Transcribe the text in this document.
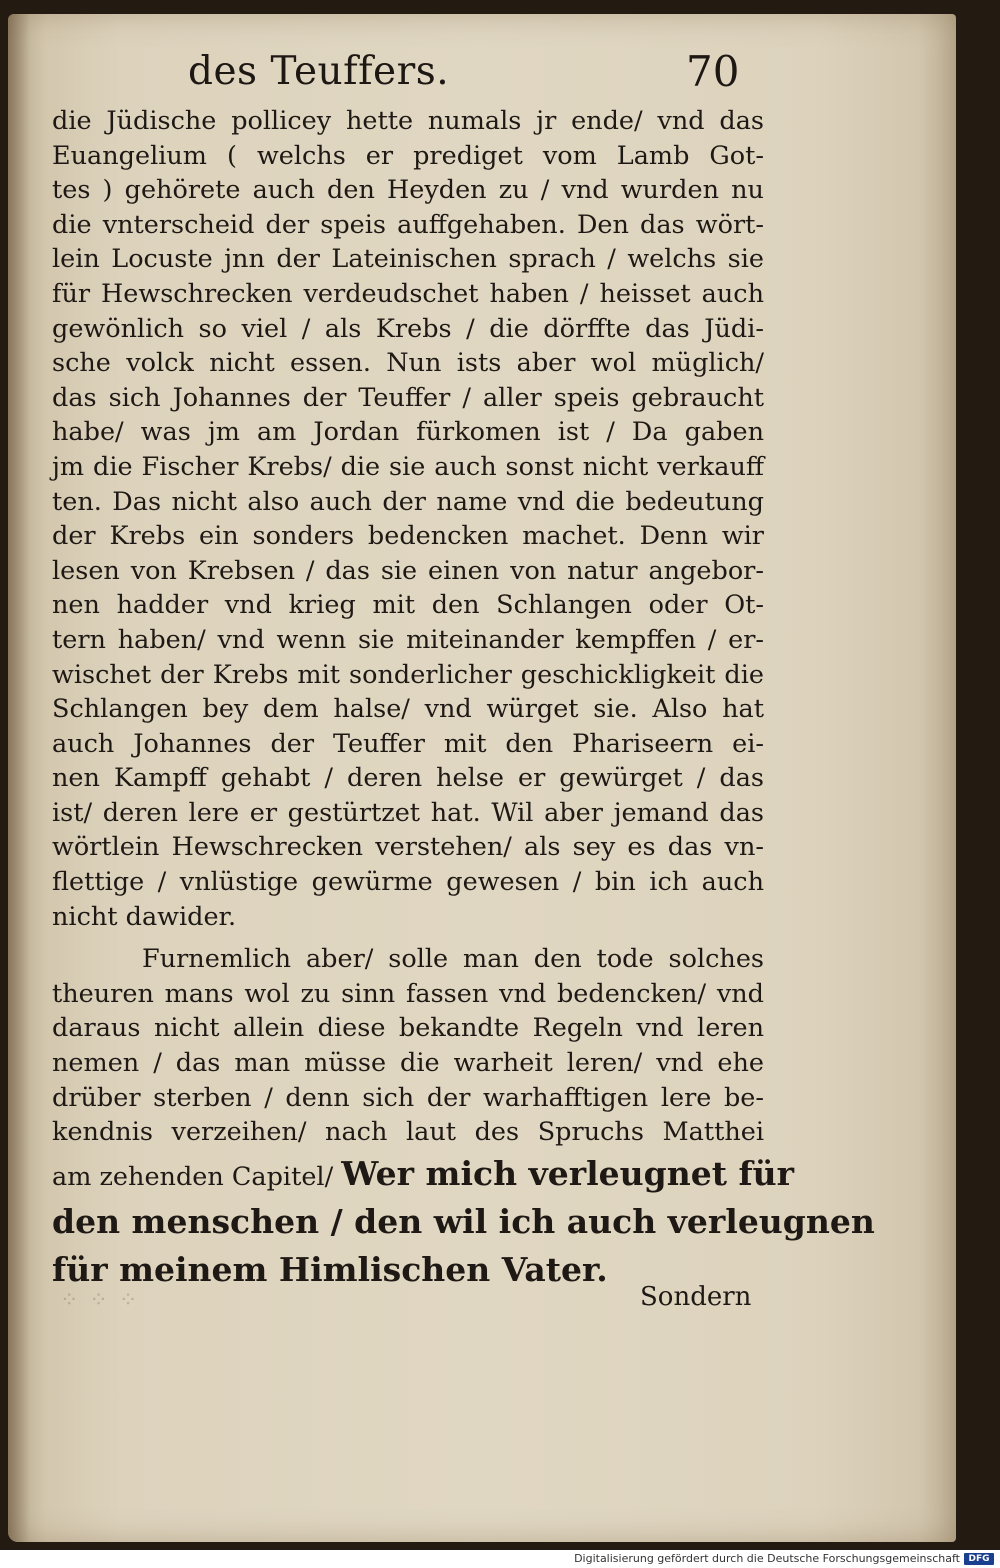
des Teuffers.	70
die Jüdische pollicey hette numals jr ende/ vnd das
Euangelium ( welchs er prediget vom Lamb Got-
tes ) gehörete auch den Heyden zu / vnd wurden nu
die vnterscheid der speis auffgehaben. Den das wört-
lein Locuste jnn der Lateinischen sprach / welchs sie
für Hewschrecken verdeudschet haben / heisset auch
gewönlich so viel / als Krebs / die dörffte das Jüdi-
sche volck nicht essen. Nun ists aber wol müglich/
das sich Johannes der Teuffer / aller speis gebraucht
habe/ was jm am Jordan fürkomen ist / Da gaben
jm die Fischer Krebs/ die sie auch sonst nicht verkauff
ten. Das nicht also auch der name vnd die bedeutung
der Krebs ein sonders bedencken machet. Denn wir
lesen von Krebsen / das sie einen von natur angebor-
nen hadder vnd krieg mit den Schlangen oder Ot-
tern haben/ vnd wenn sie miteinander kempffen / er-
wischet der Krebs mit sonderlicher geschickligkeit die
Schlangen bey dem halse/ vnd würget sie. Also hat
auch Johannes der Teuffer mit den Phariseern ei-
nen Kampff gehabt / deren helse er gewürget / das
ist/ deren lere er gestürtzet hat. Wil aber jemand das
wörtlein Hewschrecken verstehen/ als sey es das vn-
flettige / vnlüstige gewürme gewesen / bin ich auch
nicht dawider.
Furnemlich aber/ solle man den tode solches
theuren mans wol zu sinn fassen vnd bedencken/ vnd
daraus nicht allein diese bekandte Regeln vnd leren
nemen / das man müsse die warheit leren/ vnd ehe
drüber sterben / denn sich der warhafftigen lere be-
kendnis verzeihen/ nach laut des Spruchs Matthei
am zehenden Capitel/ Wer mich verleugnet für
den menschen / den wil ich auch verleugnen
für meinem Himlischen Vater.
⁘ ⁘ ⁘	Sondern
Digitalisierung gefördert durch die Deutsche Forschungsgemeinschaft DFG
